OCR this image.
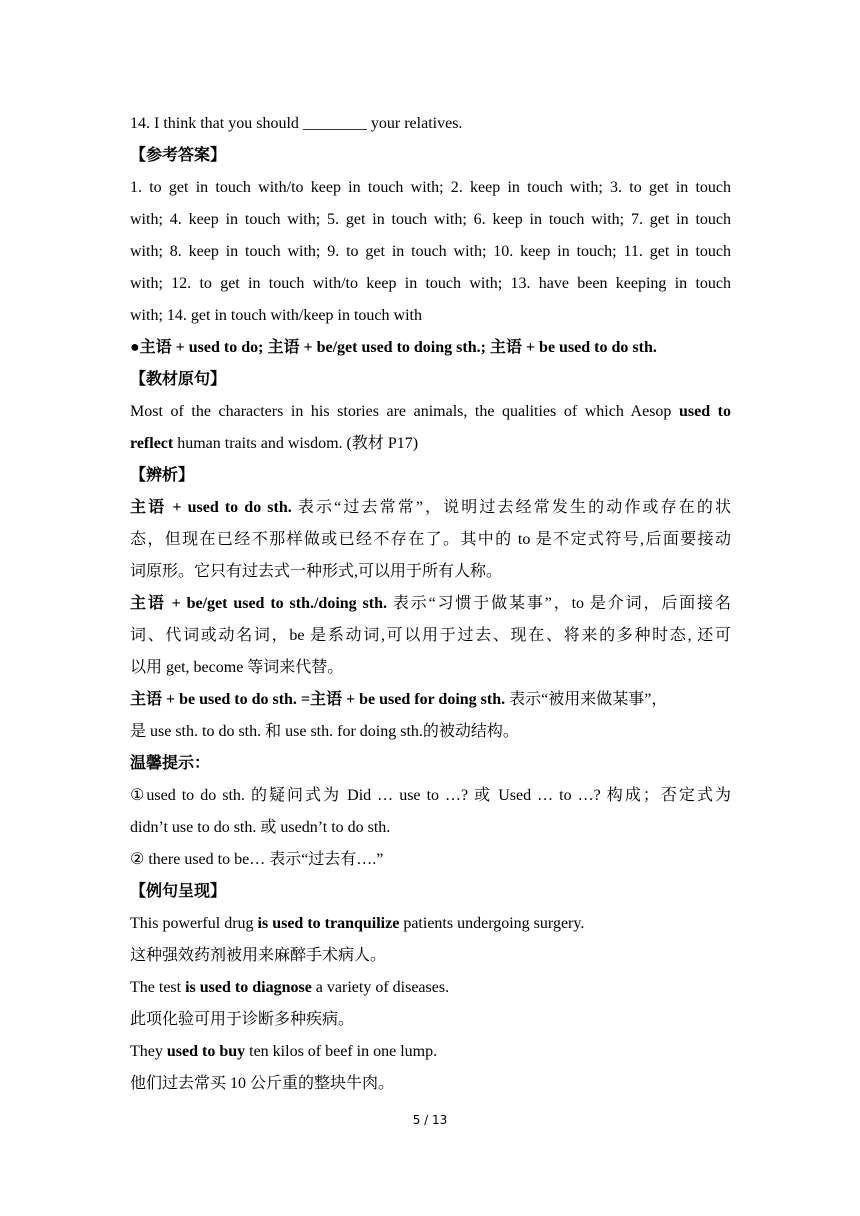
14. I think that you should ________ your relatives.
【参考答案】
1. to get in touch with/to keep in touch with; 2. keep in touch with; 3. to get in touch
with; 4. keep in touch with; 5. get in touch with; 6. keep in touch with; 7. get in touch
with; 8. keep in touch with; 9. to get in touch with; 10. keep in touch; 11. get in touch
with; 12. to get in touch with/to keep in touch with; 13. have been keeping in touch
with; 14. get in touch with/keep in touch with
●主语 + used to do; 主语 + be/get used to doing sth.; 主语 + be used to do sth.
【教材原句】
Most of the characters in his stories are animals, the qualities of which Aesop used to
reflect human traits and wisdom. (教材 P17)
【辨析】
主语 + used to do sth. 表示“过去常常”，说明过去经常发生的动作或存在的状
态，但现在已经不那样做或已经不存在了。其中的 to 是不定式符号,后面要接动
词原形。它只有过去式一种形式,可以用于所有人称。
主语 + be/get used to sth./doing sth. 表示“习惯于做某事”，to 是介词，后面接名
词、代词或动名词，be 是系动词,可以用于过去、现在、将来的多种时态, 还可
以用 get, become 等词来代替。
主语 + be used to do sth. =主语 + be used for doing sth. 表示“被用来做某事”，
是 use sth. to do sth. 和 use sth. for doing sth.的被动结构。
温馨提示：
①used to do sth. 的疑问式为 Did … use to …? 或 Used … to …? 构成；否定式为
didn’t use to do sth. 或 usedn’t to do sth.
② there used to be… 表示“过去有….”
【例句呈现】
This powerful drug is used to tranquilize patients undergoing surgery.
这种强效药剂被用来麻醉手术病人。
The test is used to diagnose a variety of diseases.
此项化验可用于诊断多种疾病。
They used to buy ten kilos of beef in one lump.
他们过去常买 10 公斤重的整块牛肉。
5 / 13
